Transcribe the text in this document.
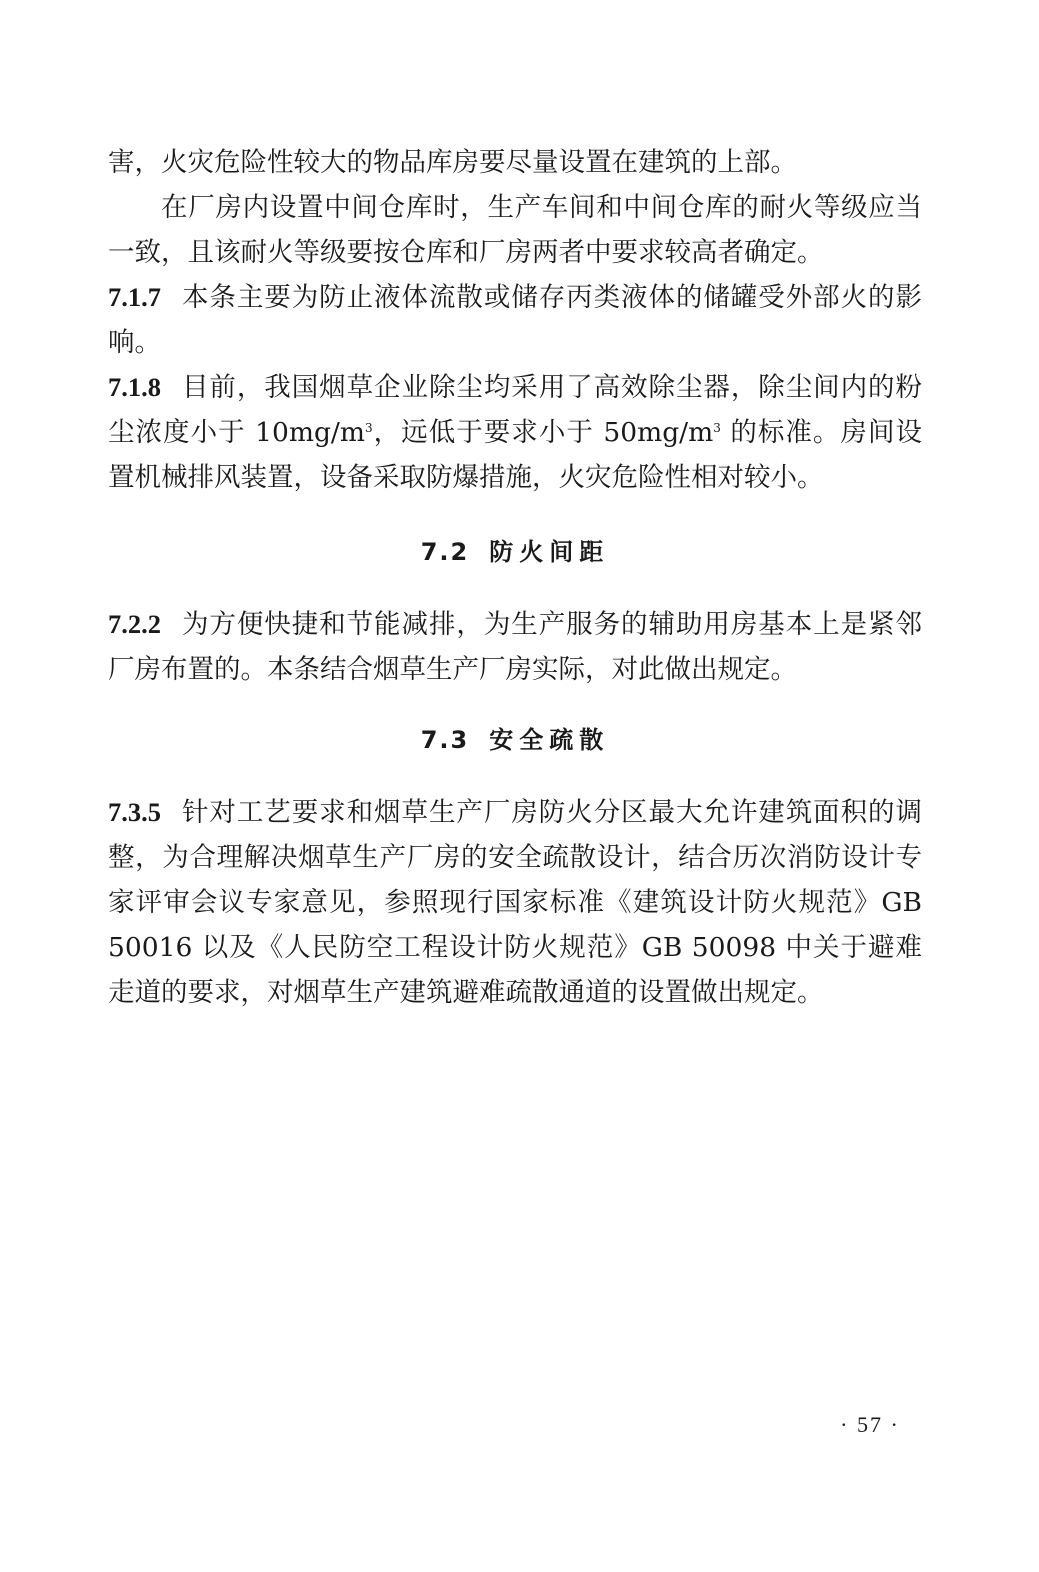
害，火灾危险性较大的物品库房要尽量设置在建筑的上部。

在厂房内设置中间仓库时，生产车间和中间仓库的耐火等级应当一致，且该耐火等级要按仓库和厂房两者中要求较高者确定。

7.1.7 本条主要为防止液体流散或储存丙类液体的储罐受外部火的影响。

7.1.8 目前，我国烟草企业除尘均采用了高效除尘器，除尘间内的粉尘浓度小于 $10mg/m^3$，远低于要求小于 $50mg/m^3$ 的标准。房间设置机械排风装置，设备采取防爆措施，火灾危险性相对较小。

7.2 防火间距

7.2.2 为方便快捷和节能减排，为生产服务的辅助用房基本上是紧邻厂房布置的。本条结合烟草生产厂房实际，对此做出规定。

7.3 安全疏散

7.3.5 针对工艺要求和烟草生产厂房防火分区最大允许建筑面积的调整，为合理解决烟草生产厂房的安全疏散设计，结合历次消防设计专家评审会议专家意见，参照现行国家标准《建筑设计防火规范》GB 50016 以及《人民防空工程设计防火规范》GB 50098 中关于避难走道的要求，对烟草生产建筑避难疏散通道的设置做出规定。

· 57 ·
